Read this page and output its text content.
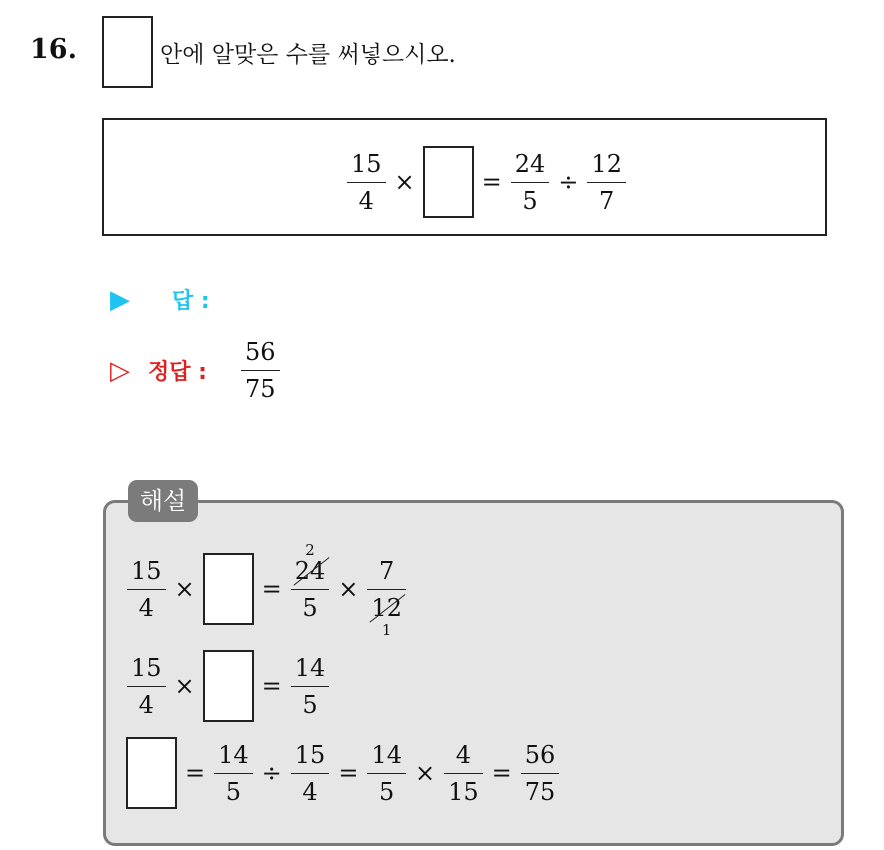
16.	안에 알맞은 수를 써넣으시오.
$\frac{15}{4}$ ×	= $\frac{24}{5} \div \frac{12}{7}$
▶	답 :
▷ 정답 :	$\frac{56}{75}$
해설
$\frac{15}{4}$ ×	= 2
24
5 × 7
12
1
$\frac{15}{4}$ ×	= $\frac{14}{5}$
= $\frac{14}{5} \div \frac{15}{4} = \frac{14}{5} \times \frac{4}{15} = \frac{56}{75}$
